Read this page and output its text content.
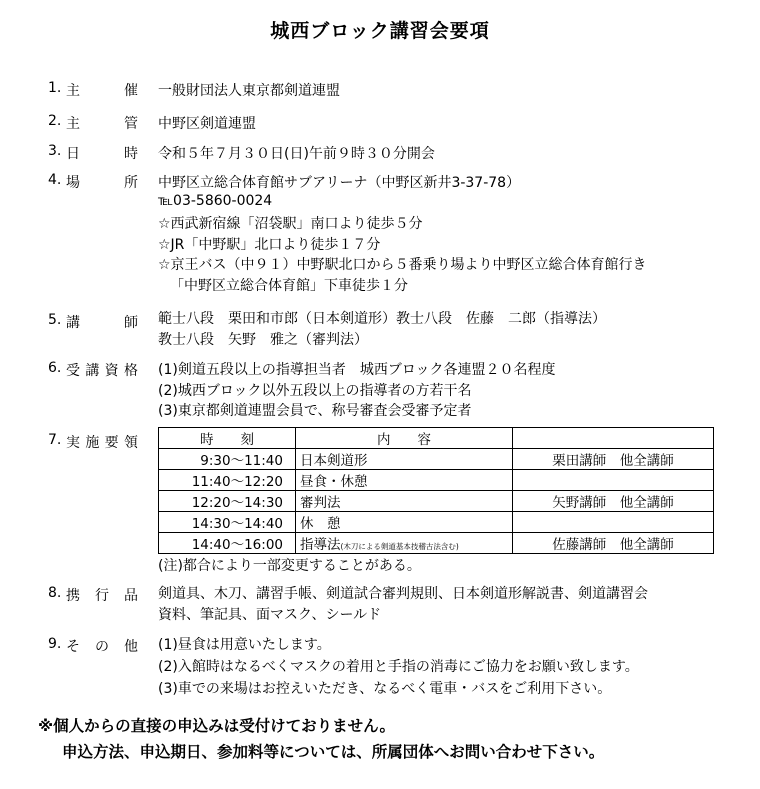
城西ブロック講習会要項
1. 主	催 一般財団法人東京都剣道連盟
2. 主	管 中野区剣道連盟
3. 日	時 令和５年７月３０日(日)午前９時３０分開会
4. 場	所 中野区立総合体育館サブアリーナ（中野区新井3-37-78）
℡03-5860-0024
☆西武新宿線「沼袋駅」南口より徒歩５分
☆JR「中野駅」北口より徒歩１７分
☆京王バス（中９１）中野駅北口から５番乗り場より中野区立総合体育館行き
「中野区立総合体育館」下車徒歩１分
5. 講	師 範士八段　栗田和市郎（日本剣道形）教士八段　佐藤　二郎（指導法）
教士八段　矢野　雅之（審判法）
6. 受 講 資 格 (1)剣道五段以上の指導担当者　城西ブロック各連盟２０名程度
(2)城西ブロック以外五段以上の指導者の方若干名
(3)東京都剣道連盟会員で、称号審査会受審予定者
7. 実 施 要 領	時　　刻	内　　容	
9:30～11:40	日本剣道形	栗田講師　他全講師
11:40～12:20	昼食・休憩	
12:20～14:30	審判法	矢野講師　他全講師
14:30～14:40	休　憩	
14:40～16:00	指導法(木刀による剣道基本技稽古法含む)	佐藤講師　他全講師
(注)都合により一部変更することがある。
8. 携 行 品 剣道具、木刀、講習手帳、剣道試合審判規則、日本剣道形解説書、剣道講習会
資料、筆記具、面マスク、シールド
9. そ の 他 (1)昼食は用意いたします。
(2)入館時はなるべくマスクの着用と手指の消毒にご協力をお願い致します。
(3)車での来場はお控えいただき、なるべく電車・バスをご利用下さい。
※個人からの直接の申込みは受付けておりません。
申込方法、申込期日、参加料等については、所属団体へお問い合わせ下さい。
